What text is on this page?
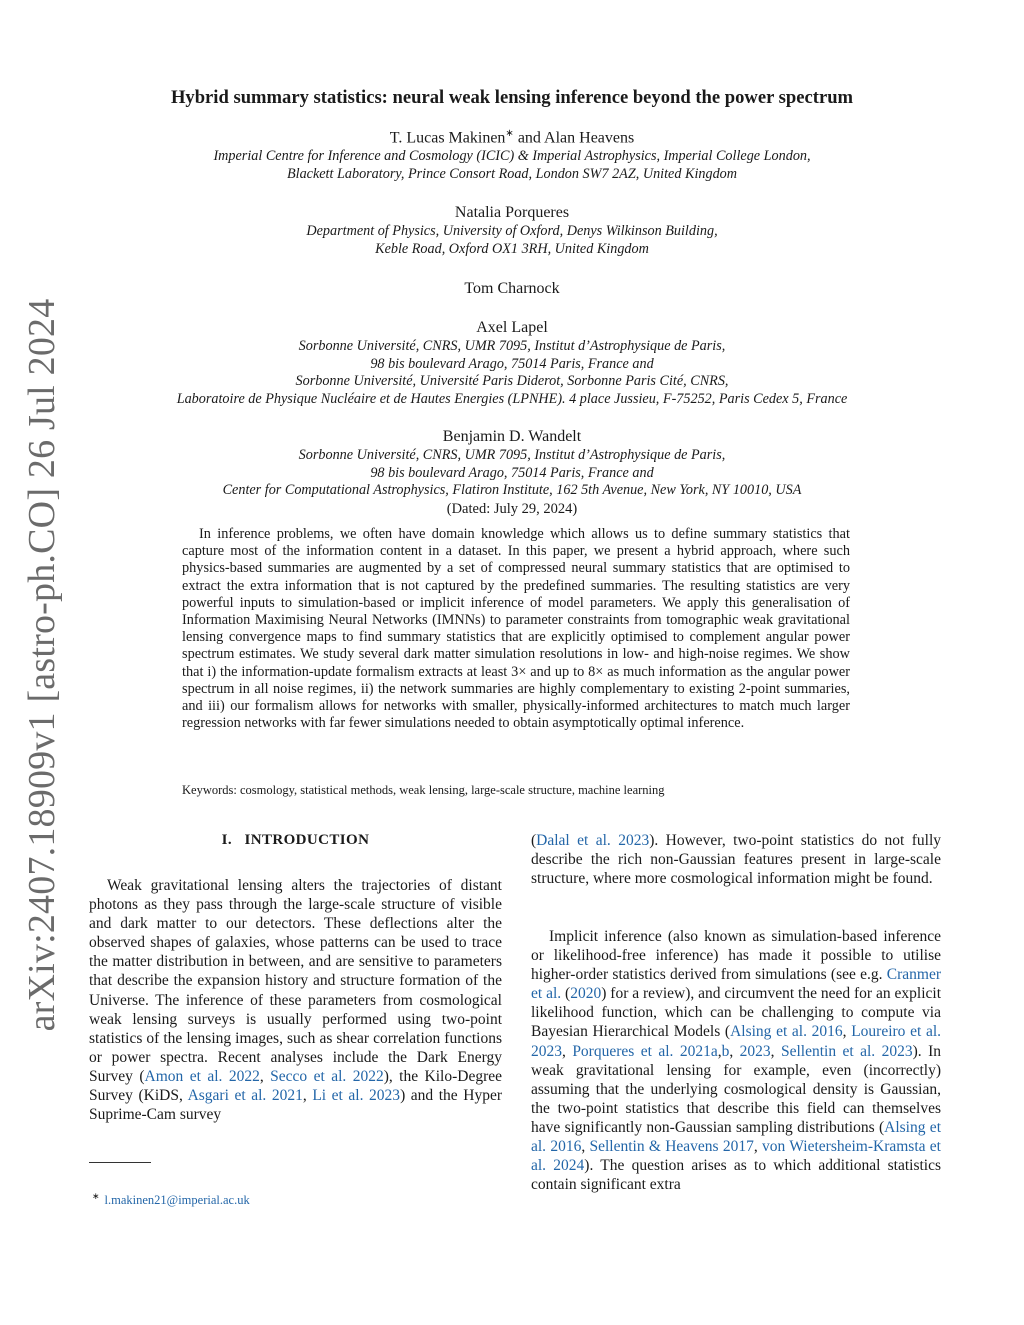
arXiv:2407.18909v1 [astro-ph.CO] 26 Jul 2024
Hybrid summary statistics: neural weak lensing inference beyond the power spectrum
T. Lucas Makinen∗ and Alan Heavens
Imperial Centre for Inference and Cosmology (ICIC) & Imperial Astrophysics, Imperial College London,
Blackett Laboratory, Prince Consort Road, London SW7 2AZ, United Kingdom
Natalia Porqueres
Department of Physics, University of Oxford, Denys Wilkinson Building,
Keble Road, Oxford OX1 3RH, United Kingdom
Tom Charnock
Axel Lapel
Sorbonne Université, CNRS, UMR 7095, Institut d’Astrophysique de Paris,
98 bis boulevard Arago, 75014 Paris, France and
Sorbonne Université, Université Paris Diderot, Sorbonne Paris Cité, CNRS,
Laboratoire de Physique Nucléaire et de Hautes Energies (LPNHE). 4 place Jussieu, F-75252, Paris Cedex 5, France
Benjamin D. Wandelt
Sorbonne Université, CNRS, UMR 7095, Institut d’Astrophysique de Paris,
98 bis boulevard Arago, 75014 Paris, France and
Center for Computational Astrophysics, Flatiron Institute, 162 5th Avenue, New York, NY 10010, USA
(Dated: July 29, 2024)

In inference problems, we often have domain knowledge which allows us to define summary statistics that capture most of the information content in a dataset. In this paper, we present a hybrid approach, where such physics-based summaries are augmented by a set of compressed neural summary statistics that are optimised to extract the extra information that is not captured by the predefined summaries. The resulting statistics are very powerful inputs to simulation-based or implicit inference of model parameters. We apply this generalisation of Information Maximising Neural Networks (IMNNs) to parameter constraints from tomographic weak gravitational lensing convergence maps to find summary statistics that are explicitly optimised to complement angular power spectrum estimates. We study several dark matter simulation resolutions in low- and high-noise regimes. We show that i) the information-update formalism extracts at least 3× and up to 8× as much information as the angular power spectrum in all noise regimes, ii) the network summaries are highly complementary to existing 2-point summaries, and iii) our formalism allows for networks with smaller, physically-informed architectures to match much larger regression networks with far fewer simulations needed to obtain asymptotically optimal inference.

Keywords: cosmology, statistical methods, weak lensing, large-scale structure, machine learning
I. INTRODUCTION

Weak gravitational lensing alters the trajectories of distant photons as they pass through the large-scale structure of visible and dark matter to our detectors. These deflections alter the observed shapes of galaxies, whose patterns can be used to trace the matter distribution in between, and are sensitive to parameters that describe the expansion history and structure formation of the Universe. The inference of these parameters from cosmological weak lensing surveys is usually performed using two-point statistics of the lensing images, such as shear correlation functions or power spectra. Recent analyses include the Dark Energy Survey (Amon et al. 2022, Secco et al. 2022), the Kilo-Degree Survey (KiDS, Asgari et al. 2021, Li et al. 2023) and the Hyper Suprime-Cam survey

(Dalal et al. 2023). However, two-point statistics do not fully describe the rich non-Gaussian features present in large-scale structure, where more cosmological information might be found.

Implicit inference (also known as simulation-based inference or likelihood-free inference) has made it possible to utilise higher-order statistics derived from simulations (see e.g. Cranmer et al. (2020) for a review), and circumvent the need for an explicit likelihood function, which can be challenging to compute via Bayesian Hierarchical Models (Alsing et al. 2016, Loureiro et al. 2023, Porqueres et al. 2021a,b, 2023, Sellentin et al. 2023). In weak gravitational lensing for example, even (incorrectly) assuming that the underlying cosmological density is Gaussian, the two-point statistics that describe this field can themselves have significantly non-Gaussian sampling distributions (Alsing et al. 2016, Sellentin & Heavens 2017, von Wietersheim-Kramsta et al. 2024). The question arises as to which additional statistics contain significant extra

∗ l.makinen21@imperial.ac.uk
